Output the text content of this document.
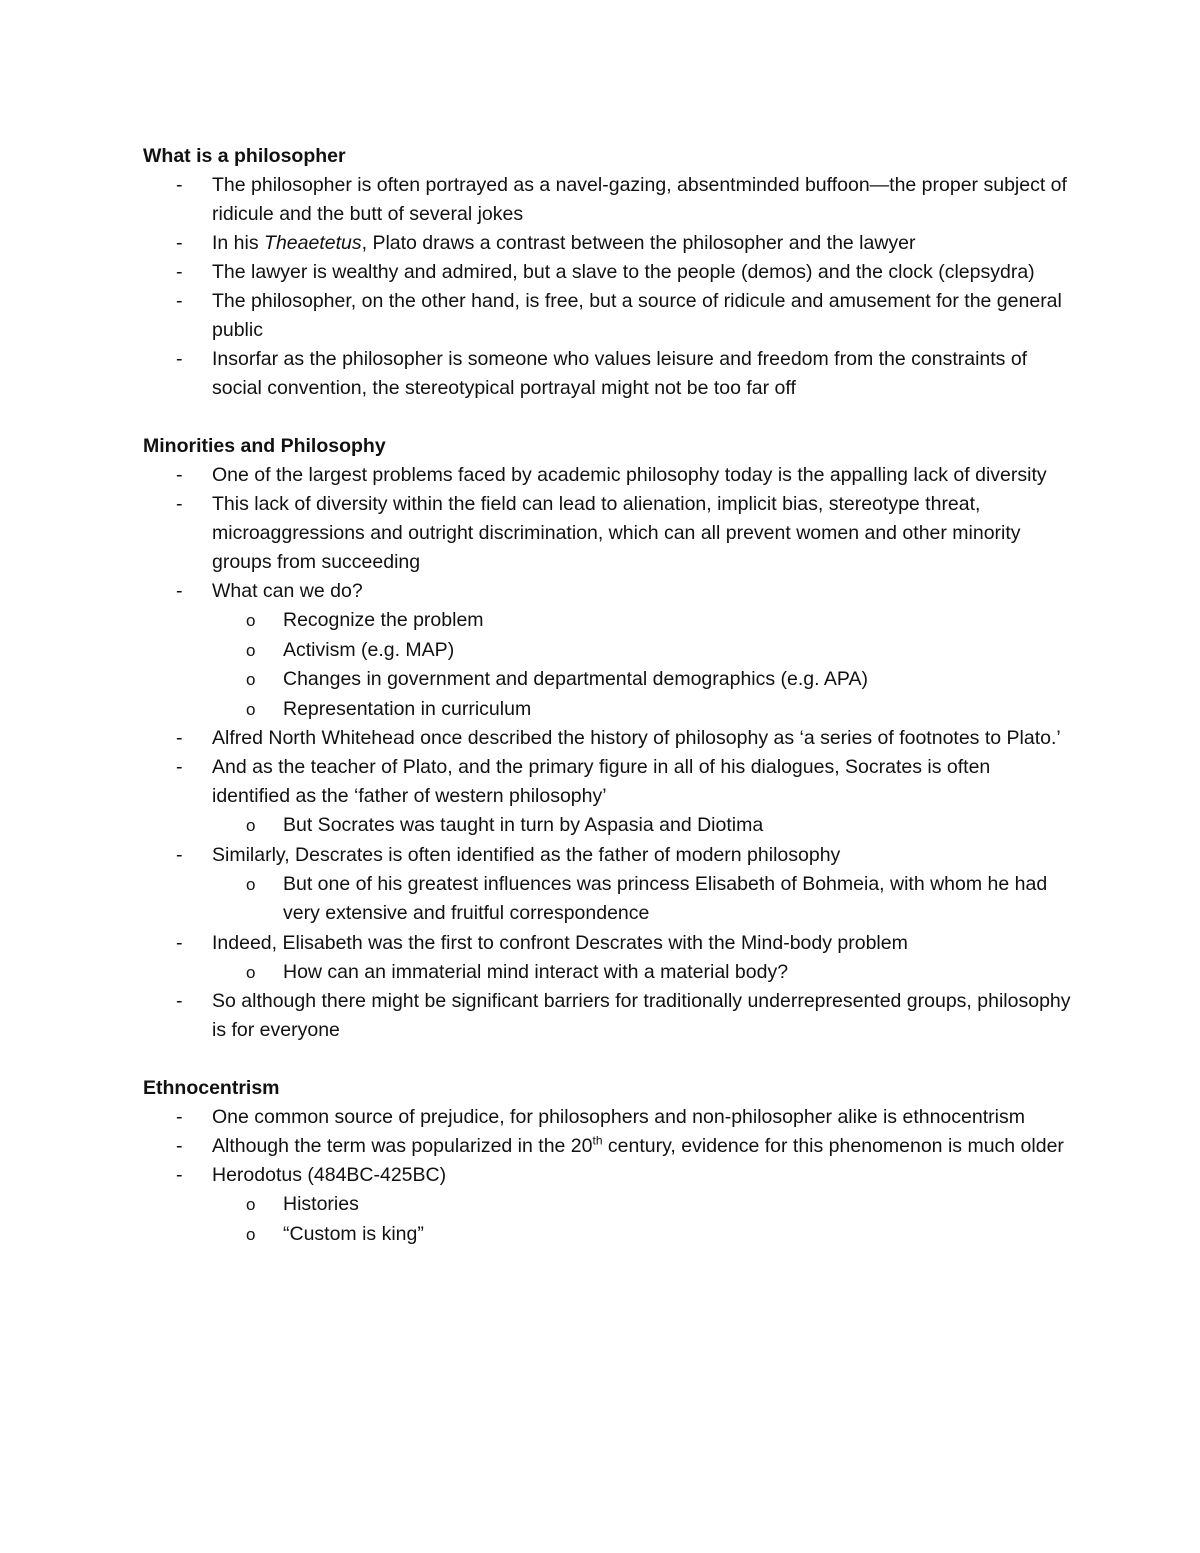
What is a philosopher

- The philosopher is often portrayed as a navel-gazing, absentminded buffoon—the proper subject of ridicule and the butt of several jokes
- In his Theaetetus, Plato draws a contrast between the philosopher and the lawyer
- The lawyer is wealthy and admired, but a slave to the people (demos) and the clock (clepsydra)
- The philosopher, on the other hand, is free, but a source of ridicule and amusement for the general public
- Insorfar as the philosopher is someone who values leisure and freedom from the constraints of social convention, the stereotypical portrayal might not be too far off

Minorities and Philosophy

- One of the largest problems faced by academic philosophy today is the appalling lack of diversity
- This lack of diversity within the field can lead to alienation, implicit bias, stereotype threat, microaggressions and outright discrimination, which can all prevent women and other minority groups from succeeding
- What can we do?
o Recognize the problem
o Activism (e.g. MAP)
o Changes in government and departmental demographics (e.g. APA)
o Representation in curriculum
- Alfred North Whitehead once described the history of philosophy as ‘a series of footnotes to Plato.’
- And as the teacher of Plato, and the primary figure in all of his dialogues, Socrates is often identified as the ‘father of western philosophy’
o But Socrates was taught in turn by Aspasia and Diotima
- Similarly, Descrates is often identified as the father of modern philosophy
o But one of his greatest influences was princess Elisabeth of Bohmeia, with whom he had very extensive and fruitful correspondence
- Indeed, Elisabeth was the first to confront Descrates with the Mind-body problem
o How can an immaterial mind interact with a material body?
- So although there might be significant barriers for traditionally underrepresented groups, philosophy is for everyone

Ethnocentrism

- One common source of prejudice, for philosophers and non-philosopher alike is ethnocentrism
- Although the term was popularized in the 20th century, evidence for this phenomenon is much older
- Herodotus (484BC-425BC)
o Histories
o “Custom is king”
